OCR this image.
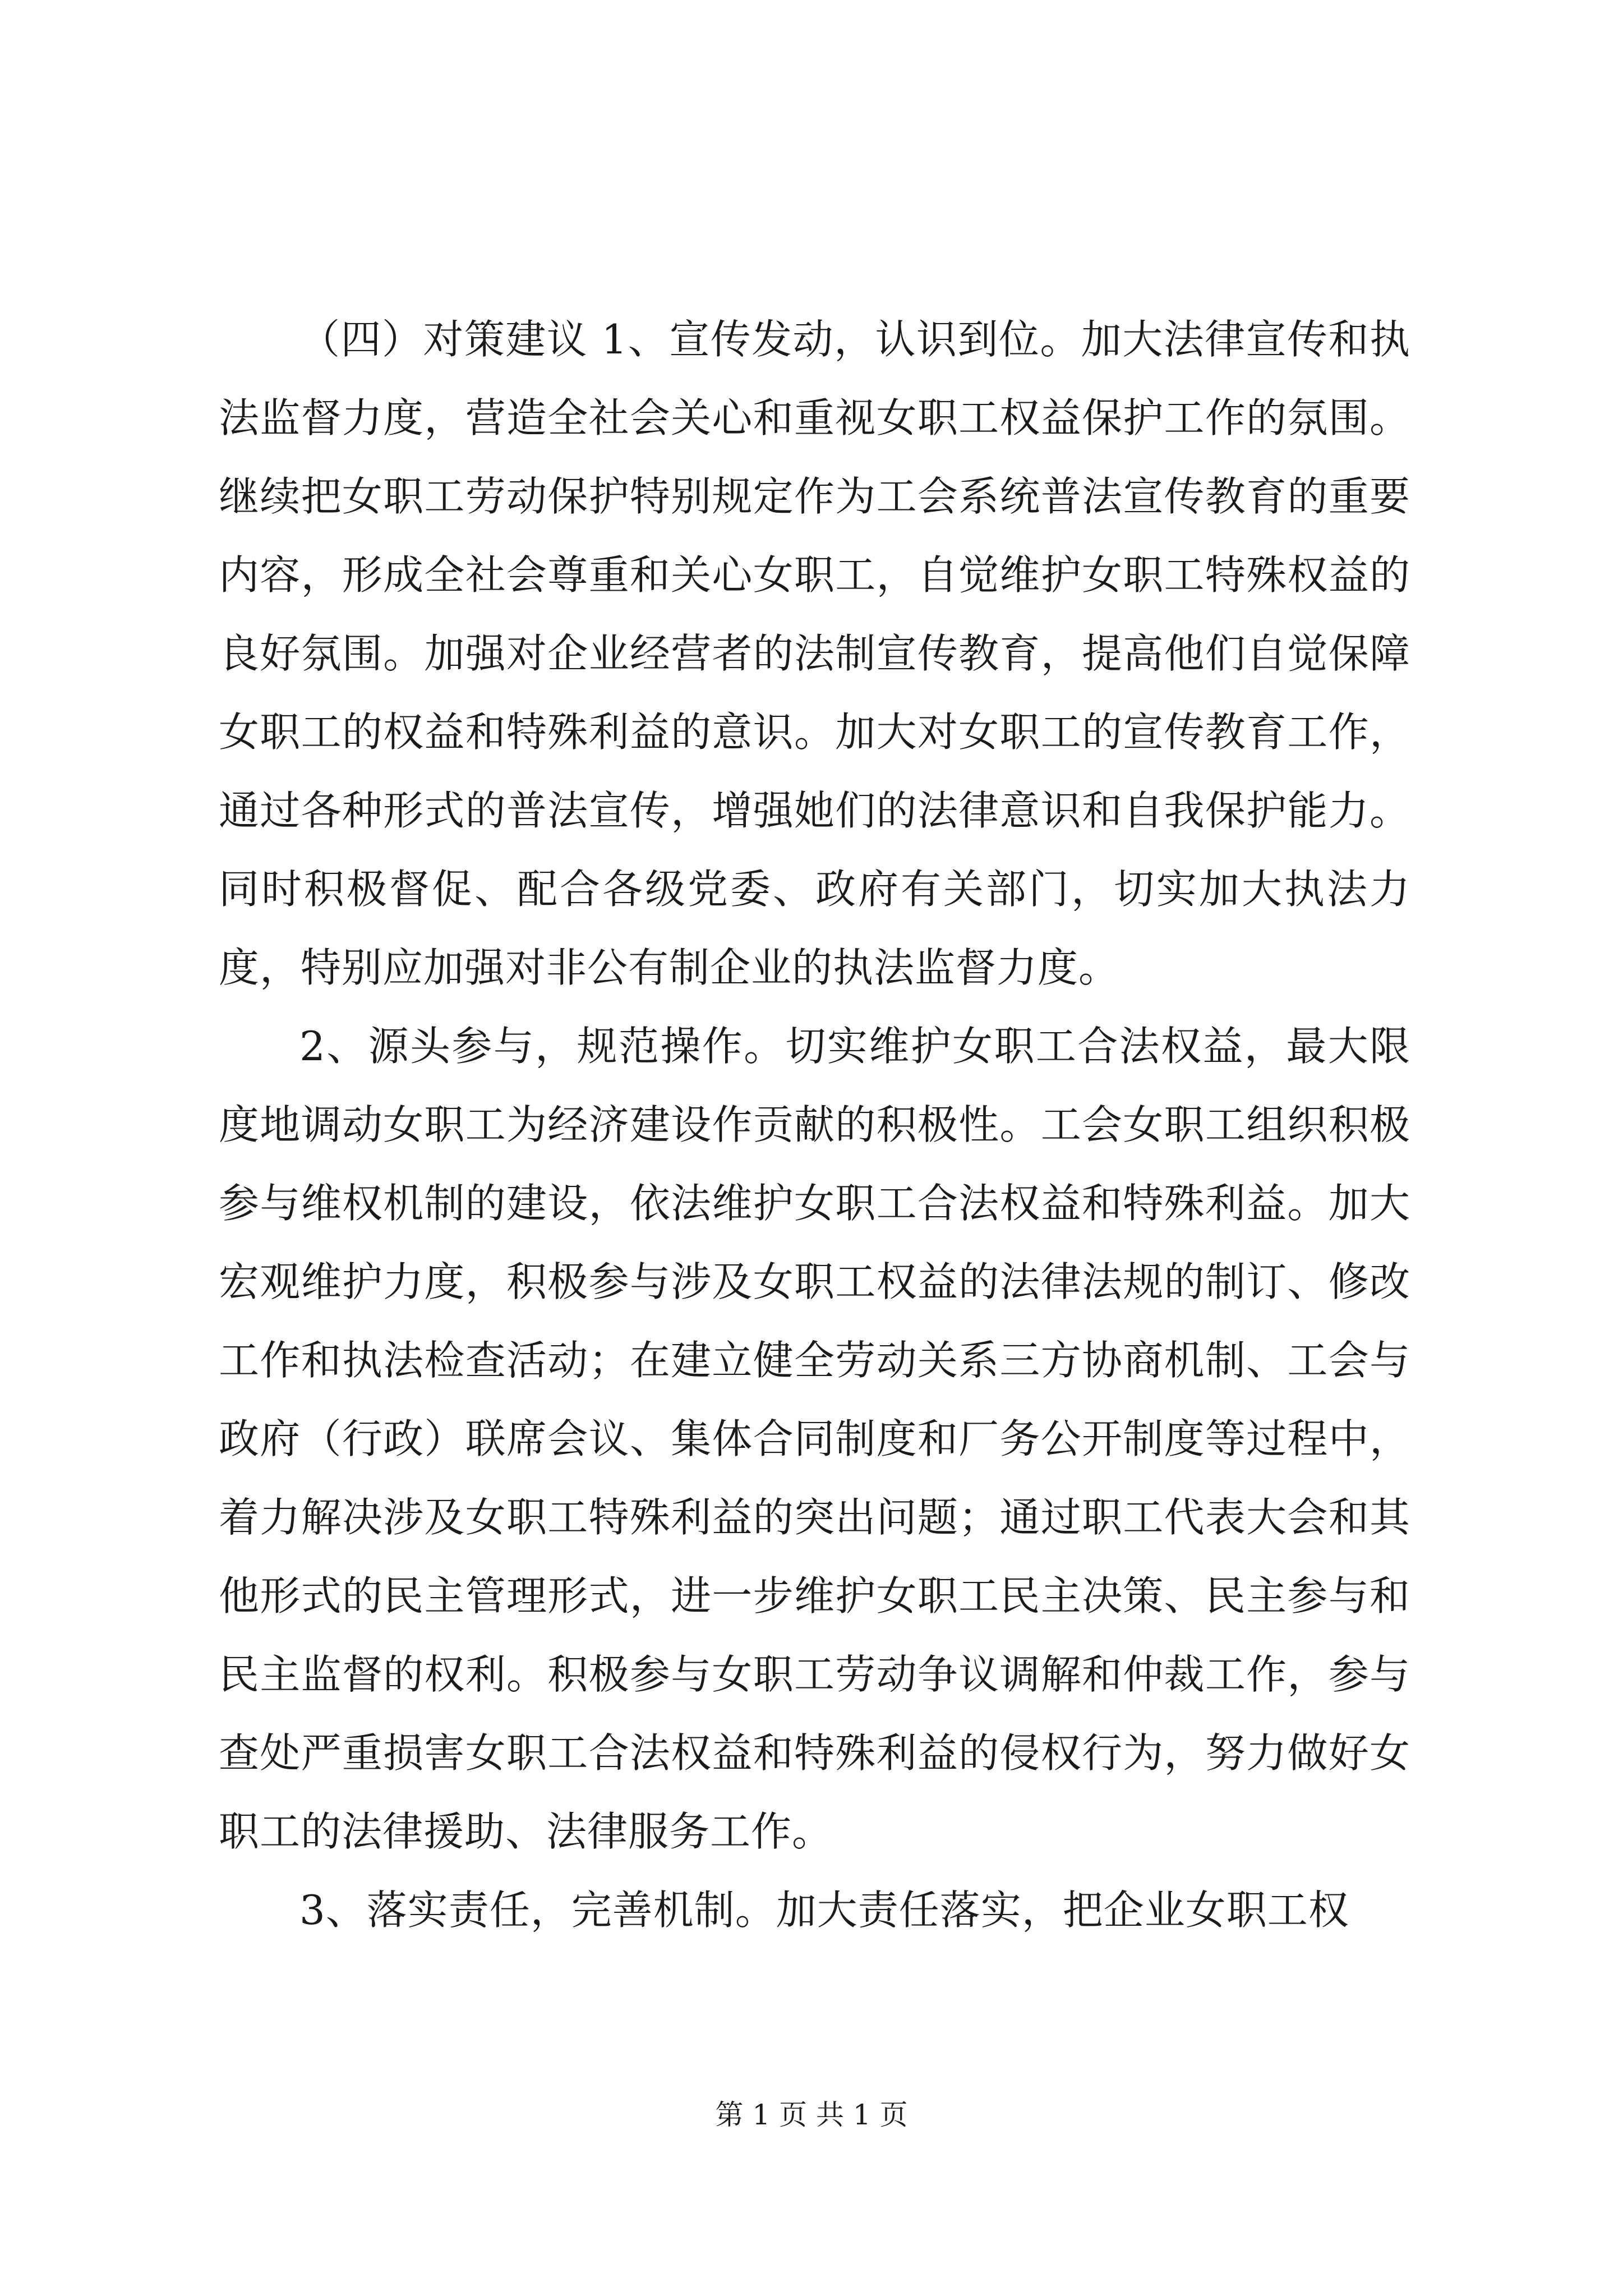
（四）对策建议 1、宣传发动，认识到位。加大法律宣传和执法监督力度，营造全社会关心和重视女职工权益保护工作的氛围。继续把女职工劳动保护特别规定作为工会系统普法宣传教育的重要内容，形成全社会尊重和关心女职工，自觉维护女职工特殊权益的良好氛围。加强对企业经营者的法制宣传教育，提高他们自觉保障女职工的权益和特殊利益的意识。加大对女职工的宣传教育工作，通过各种形式的普法宣传，增强她们的法律意识和自我保护能力。同时积极督促、配合各级党委、政府有关部门，切实加大执法力度，特别应加强对非公有制企业的执法监督力度。

2、源头参与，规范操作。切实维护女职工合法权益，最大限度地调动女职工为经济建设作贡献的积极性。工会女职工组织积极参与维权机制的建设，依法维护女职工合法权益和特殊利益。加大宏观维护力度，积极参与涉及女职工权益的法律法规的制订、修改工作和执法检查活动；在建立健全劳动关系三方协商机制、工会与政府（行政）联席会议、集体合同制度和厂务公开制度等过程中，着力解决涉及女职工特殊利益的突出问题；通过职工代表大会和其他形式的民主管理形式，进一步维护女职工民主决策、民主参与和民主监督的权利。积极参与女职工劳动争议调解和仲裁工作，参与查处严重损害女职工合法权益和特殊利益的侵权行为，努力做好女职工的法律援助、法律服务工作。

3、落实责任，完善机制。加大责任落实，把企业女职工权

第 1 页 共 1 页
